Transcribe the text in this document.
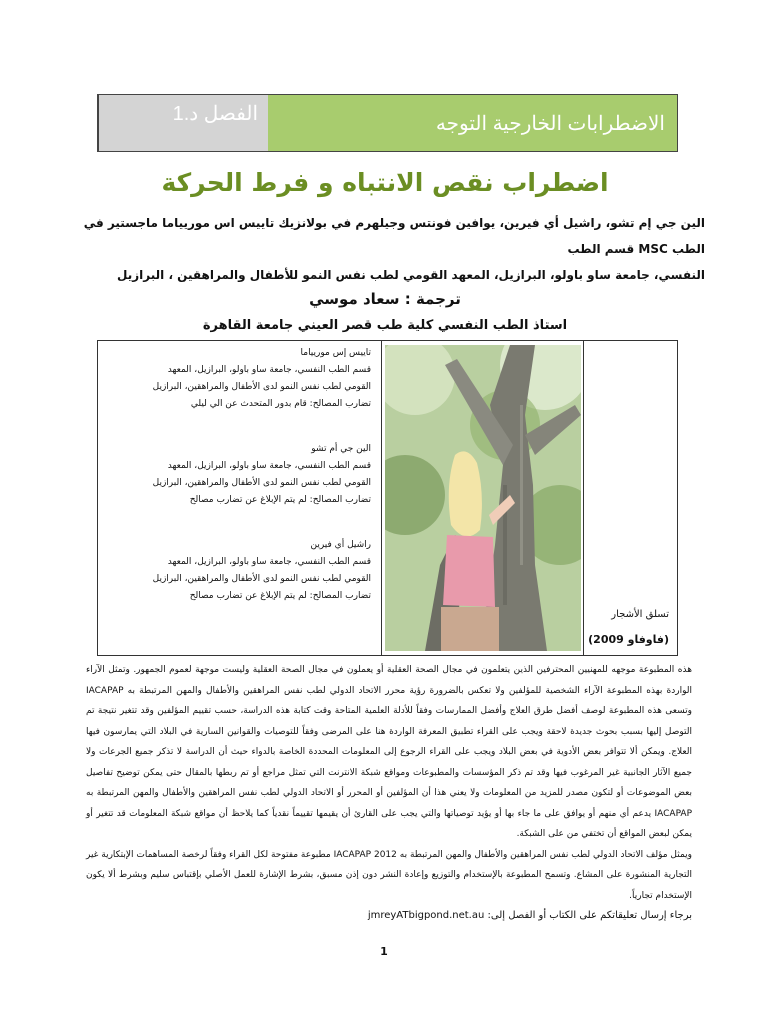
الفصل د.1	الاضطرابات الخارجية التوجه
اضطراب نقص الانتباه و فرط الحركة
الين جي إم تشو، راشيل أي فيرين، يوافين فونتس وجيلهرم في بولانزيك تاييس اس موريياما ماجستير في الطب MSC قسم الطب
النفسي، جامعة ساو باولو، البرازيل، المعهد القومي لطب نفس النمو للأطفال والمراهقين ، البرازيل
ترجمة : سعاد موسي
استاذ الطب النفسي كلية طب قصر العيني جامعة القاهرة
تسلق الأشجار
(فاوفاو 2009)
تاييس إس موريياما
قسم الطب النفسي، جامعة ساو باولو، البرازيل، المعهد
القومي لطب نفس النمو لدى الأطفال والمراهقين، البرازيل
تضارب المصالح: قام بدور المتحدث عن الي ليلي
الين جي أم تشو
قسم الطب النفسي، جامعة ساو باولو، البرازيل، المعهد
القومي لطب نفس النمو لدى الأطفال والمراهقين، البرازيل
تضارب المصالح: لم يتم الإبلاغ عن تضارب مصالح
راشيل أي فيرين
قسم الطب النفسي، جامعة ساو باولو، البرازيل، المعهد
القومي لطب نفس النمو لدى الأطفال والمراهقين، البرازيل
تضارب المصالح: لم يتم الإبلاغ عن تضارب مصالح

هذه المطبوعة موجهه للمهنيين المحترفين الذين يتعلمون في مجال الصحة العقلية أو يعملون في مجال الصحة العقلية وليست موجهة لعموم الجمهور. وتمثل الآراء الواردة بهذه المطبوعة الآراء الشخصية للمؤلفين ولا تعكس بالضرورة رؤية محرر الاتحاد الدولي لطب نفس المراهقين والأطفال والمهن المرتبطة به IACAPAP وتسعى هذه المطبوعة لوصف أفضل طرق العلاج وأفضل الممارسات وفقاً للأدلة العلمية المتاحة وقت كتابة هذه الدراسة، حسب تقييم المؤلفين وقد تتغير نتيجة تم التوصل إليها بسبب بحوث جديدة لاحقة ويجب على القراء تطبيق المعرفة الواردة هنا على المرضى وفقاً للتوصيات والقوانين السارية في البلاد التي يمارسون فيها العلاج. ويمكن ألا تتوافر بعض الأدوية في بعض البلاد ويجب على القراء الرجوع إلى المعلومات المحددة الخاصة بالدواء حيث أن الدراسة لا تذكر جميع الجرعات ولا جميع الآثار الجانبية غير المرغوب فيها وقد تم ذكر المؤسسات والمطبوعات ومواقع شبكة الانترنت التي تمثل مراجع أو تم ربطها بالمقال حتى يمكن توضيح تفاصيل بعض الموضوعات أو لتكون مصدر للمزيد من المعلومات ولا يعني هذا أن المؤلفين أو المحرر أو الاتحاد الدولي لطب نفس المراهقين والأطفال والمهن المرتبطة به IACAPAP يدعم أي منهم أو يوافق على ما جاء بها أو يؤيد توصياتها والتي يجب على القارئ أن يقيمها تقييماً نقدياً كما يلاحظ أن مواقع شبكة المعلومات قد تتغير أو يمكن لبعض المواقع أن تختفي من على الشبكة.

ويمثل مؤلف الاتحاد الدولي لطب نفس المراهقين والأطفال والمهن المرتبطة به IACAPAP 2012 مطبوعة مفتوحة لكل القراء وفقاً لرخصة المساهمات الإبتكارية غير التجارية المنشورة على المشاع. وتسمح المطبوعة بالإستخدام والتوزيع وإعادة النشر دون إذن مسبق، بشرط الإشارة للعمل الأصلي بإقتباس سليم وبشرط ألا يكون الإستخدام تجارياً.

برجاء إرسال تعليقاتكم على الكتاب أو الفصل إلى: jmreyATbigpond.net.au

1
